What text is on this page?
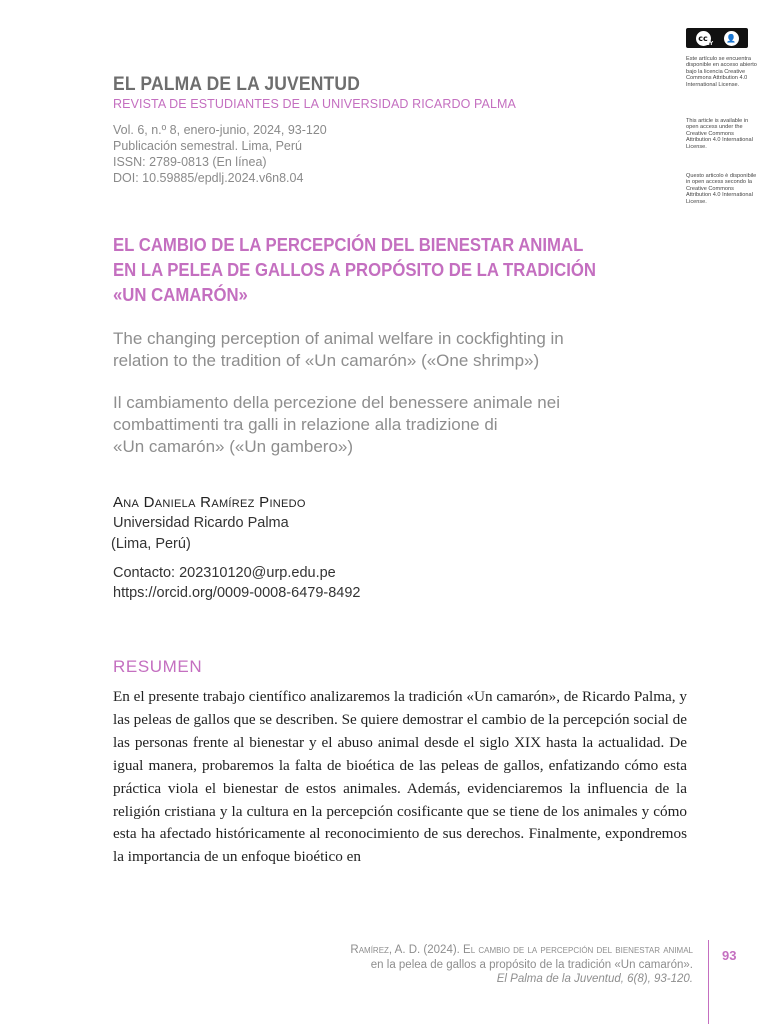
cc	👤
BY
Este artículo se encuentra disponible en acceso abierto bajo la licencia Creative Commons Attribution 4.0 International License.
This article is available in open access under the Creative Commons Attribution 4.0 International License.
Questo articolo è disponibile in open access secondo la Creative Commons Attribution 4.0 International License.
EL PALMA DE LA JUVENTUD
REVISTA DE ESTUDIANTES DE LA UNIVERSIDAD RICARDO PALMA
Vol. 6, n.º 8, enero-junio, 2024, 93-120
Publicación semestral. Lima, Perú
ISSN: 2789-0813 (En línea)
DOI: 10.59885/epdlj.2024.v6n8.04
EL CAMBIO DE LA PERCEPCIÓN DEL BIENESTAR ANIMAL
EN LA PELEA DE GALLOS A PROPÓSITO DE LA TRADICIÓN
«UN CAMARÓN»
The changing perception of animal welfare in cockfighting in
relation to the tradition of «Un camarón» («One shrimp»)
Il cambiamento della percezione del benessere animale nei
combattimenti tra galli in relazione alla tradizione di
«Un camarón» («Un gambero»)
Ana Daniela Ramírez Pinedo
Universidad Ricardo Palma
(Lima, Perú)
Contacto: 202310120@urp.edu.pe
https://orcid.org/0009-0008-6479-8492
RESUMEN
En el presente trabajo científico analizaremos la tradición «Un camarón», de Ricardo Palma, y las peleas de gallos que se describen. Se quiere demostrar el cambio de la percepción social de las personas frente al bienestar y el abuso animal desde el siglo XIX hasta la actualidad. De igual manera, probaremos la falta de bioética de las peleas de gallos, enfatizando cómo esta práctica viola el bienestar de estos animales. Además, evidenciaremos la influencia de la religión cristiana y la cultura en la percepción cosificante que se tiene de los animales y cómo esta ha afectado históricamente al reconocimiento de sus derechos. Finalmente, expondremos la importancia de un enfoque bioético en
Ramírez, A. D. (2024). El cambio de la percepción del bienestar animal
en la pelea de gallos a propósito de la tradición «Un camarón».
El Palma de la Juventud, 6(8), 93-120.
93
